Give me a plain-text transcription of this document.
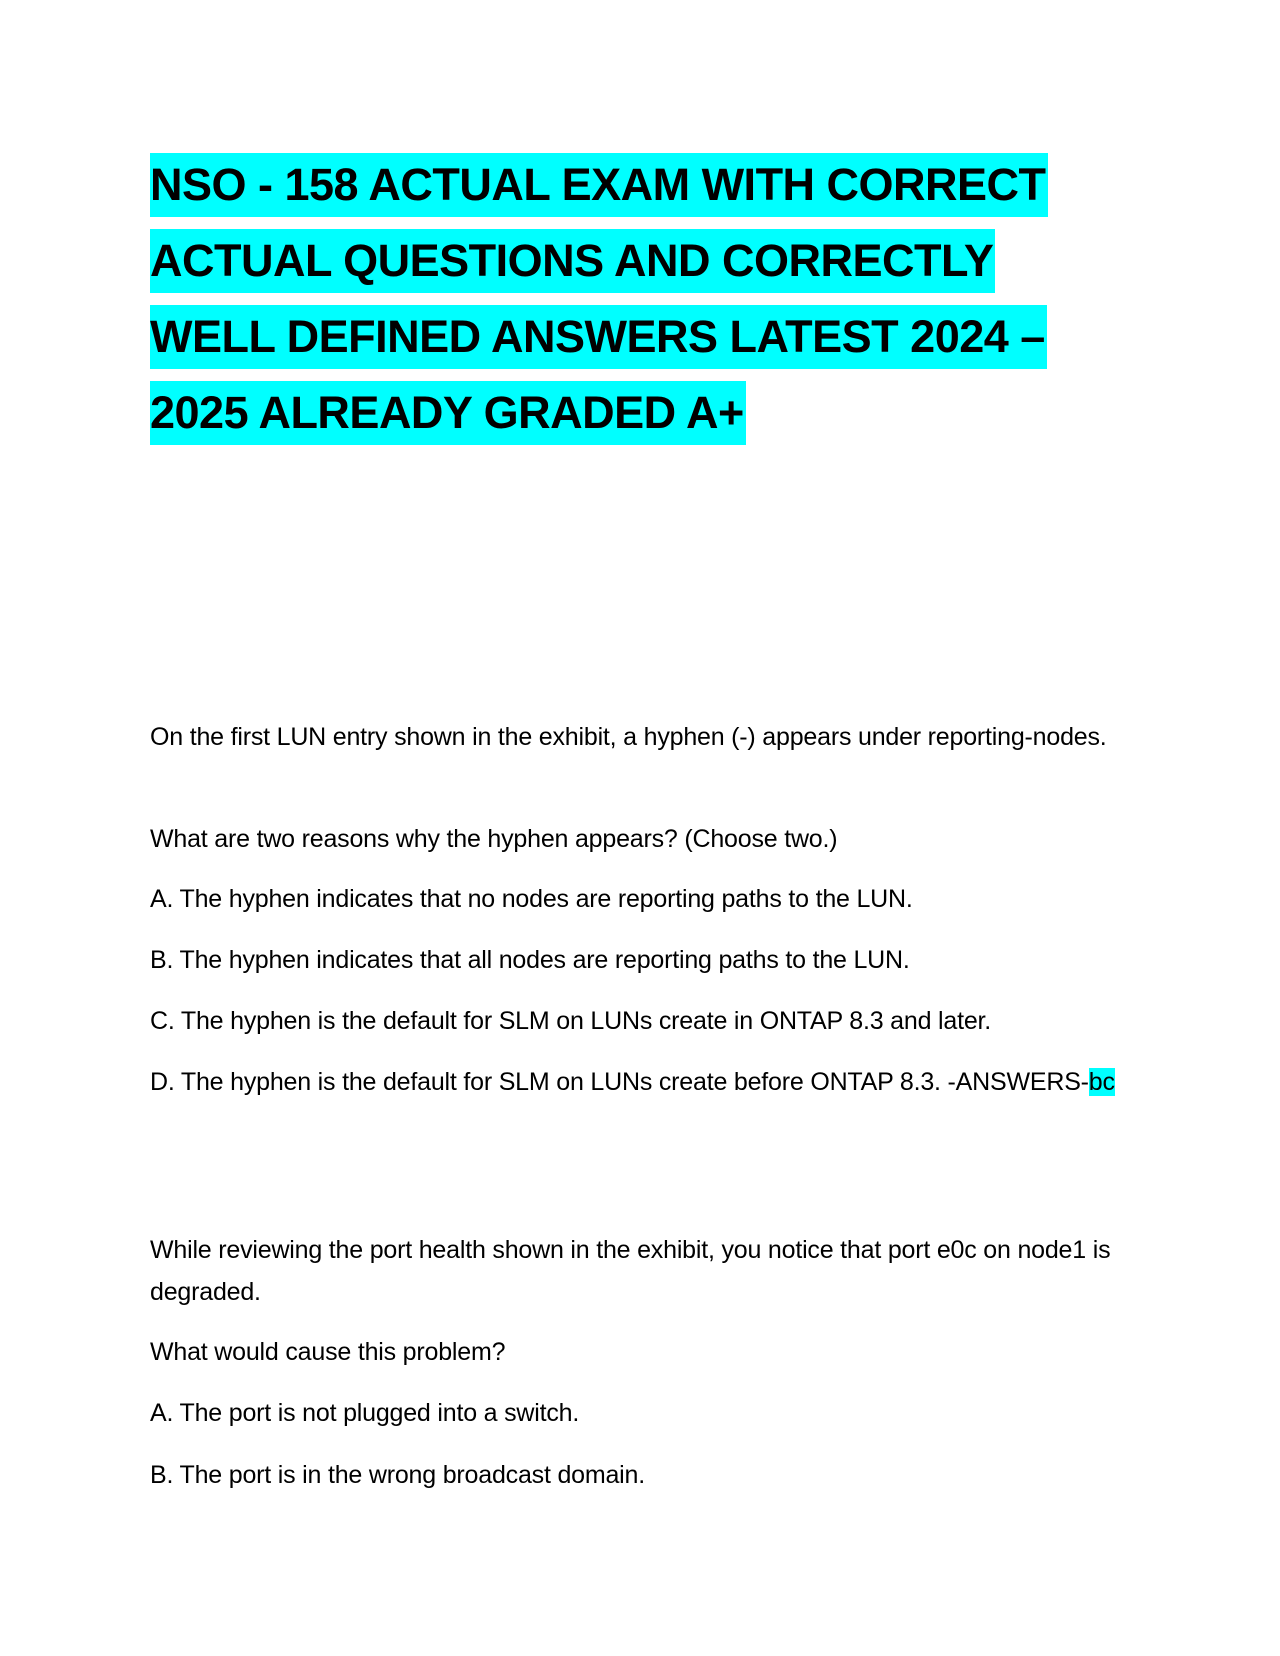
NSO - 158 ACTUAL EXAM WITH CORRECT ACTUAL QUESTIONS AND CORRECTLY WELL DEFINED ANSWERS LATEST 2024 – 2025 ALREADY GRADED A+

On the first LUN entry shown in the exhibit, a hyphen (-) appears under reporting-nodes.

What are two reasons why the hyphen appears? (Choose two.)

A. The hyphen indicates that no nodes are reporting paths to the LUN.

B. The hyphen indicates that all nodes are reporting paths to the LUN.

C. The hyphen is the default for SLM on LUNs create in ONTAP 8.3 and later.

D. The hyphen is the default for SLM on LUNs create before ONTAP 8.3. -ANSWERS-bc

While reviewing the port health shown in the exhibit, you notice that port e0c on node1 is degraded.

What would cause this problem?

A. The port is not plugged into a switch.

B. The port is in the wrong broadcast domain.
